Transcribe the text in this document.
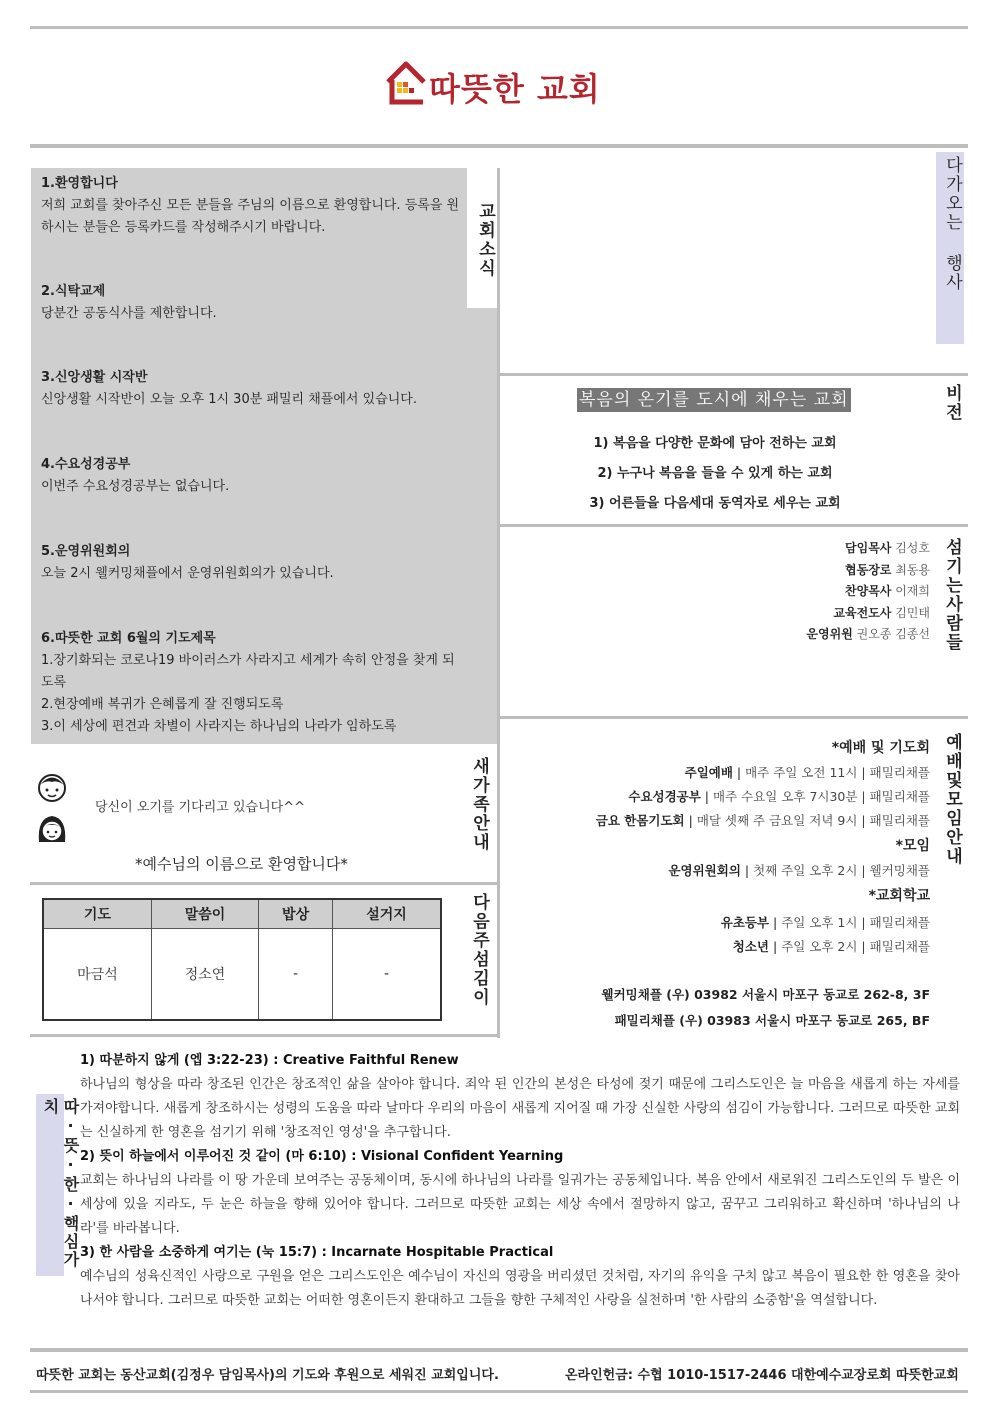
따뜻한 교회
1.환영합니다
저희 교회를 찾아주신 모든 분들을 주님의 이름으로 환영합니다. 등록을 원하시는 분들은 등록카드를 작성해주시기 바랍니다.
2.식탁교제
당분간 공동식사를 제한합니다.
3.신앙생활 시작반
신앙생활 시작반이 오늘 오후 1시 30분 패밀리 채플에서 있습니다.
4.수요성경공부
이번주 수요성경공부는 없습니다.
5.운영위원회의
오늘 2시 웰커밍채플에서 운영위원회의가 있습니다.
6.따뜻한 교회 6월의 기도제목
1.장기화되는 코로나19 바이러스가 사라지고 세계가 속히 안정을 찾게 되도록
2.현장예배 복귀가 은혜롭게 잘 진행되도록
3.이 세상에 편견과 차별이 사라지는 하나님의 나라가 임하도록
교회소식	다가오는 행사
복음의 온기를 도시에 채우는 교회
1) 복음을 다양한 문화에 담아 전하는 교회
2) 누구나 복음을 들을 수 있게 하는 교회
3) 어른들을 다음세대 동역자로 세우는 교회
비전
담임목사 김성호
협동장로 최동용
찬양목사 이재희
교육전도사 김민태
운영위원 권오종 김종선 섬기는사람들
*예배 및 기도회
주일예배 | 매주 주일 오전 11시 | 패밀리채플
수요성경공부 | 매주 수요일 오후 7시30분 | 패밀리채플
금요 한몸기도회 | 매달 셋째 주 금요일 저녁 9시 | 패밀리채플
*모임
운영위원회의 | 첫째 주일 오후 2시 | 웰커밍채플
*교회학교
유초등부 | 주일 오후 1시 | 패밀리채플
청소년 | 주일 오후 2시 | 패밀리채플
웰커밍채플 (우) 03982 서울시 마포구 동교로 262-8, 3F
패밀리채플 (우) 03983 서울시 마포구 동교로 265, BF
예배및모임안내
당신이 오기를 기다리고 있습니다^^
*예수님의 이름으로 환영합니다*
새가족안내
기도	말씀이	밥상	설거지
마금석	정소연	-	-	다음주섬김이
따·뜻·한·핵심가치
1) 따분하지 않게 (엡 3:22-23) : Creative Faithful Renew
하나님의 형상을 따라 창조된 인간은 창조적인 삶을 살아야 합니다. 죄악 된 인간의 본성은 타성에 젖기 때문에 그리스도인은 늘 마음을 새롭게 하는 자세를 가져야합니다. 새롭게 창조하시는 성령의 도움을 따라 날마다 우리의 마음이 새롭게 지어질 때 가장 신실한 사랑의 섬김이 가능합니다. 그러므로 따뜻한 교회는 신실하게 한 영혼을 섬기기 위해 '창조적인 영성'을 추구합니다.
2) 뜻이 하늘에서 이루어진 것 같이 (마 6:10) : Visional Confident Yearning
교회는 하나님의 나라를 이 땅 가운데 보여주는 공동체이며, 동시에 하나님의 나라를 일궈가는 공동체입니다. 복음 안에서 새로워진 그리스도인의 두 발은 이 세상에 있을 지라도, 두 눈은 하늘을 향해 있어야 합니다. 그러므로 따뜻한 교회는 세상 속에서 절망하지 않고, 꿈꾸고 그리워하고 확신하며 '하나님의 나라'를 바라봅니다.
3) 한 사람을 소중하게 여기는 (눅 15:7) : Incarnate Hospitable Practical
예수님의 성육신적인 사랑으로 구원을 얻은 그리스도인은 예수님이 자신의 영광을 버리셨던 것처럼, 자기의 유익을 구치 않고 복음이 필요한 한 영혼을 찾아 나서야 합니다. 그러므로 따뜻한 교회는 어떠한 영혼이든지 환대하고 그들을 향한 구체적인 사랑을 실천하며 '한 사람의 소중함'을 역설합니다.
따뜻한 교회는 동산교회(김정우 담임목사)의 기도와 후원으로 세워진 교회입니다.	온라인헌금: 수협 1010-1517-2446 대한예수교장로회 따뜻한교회
